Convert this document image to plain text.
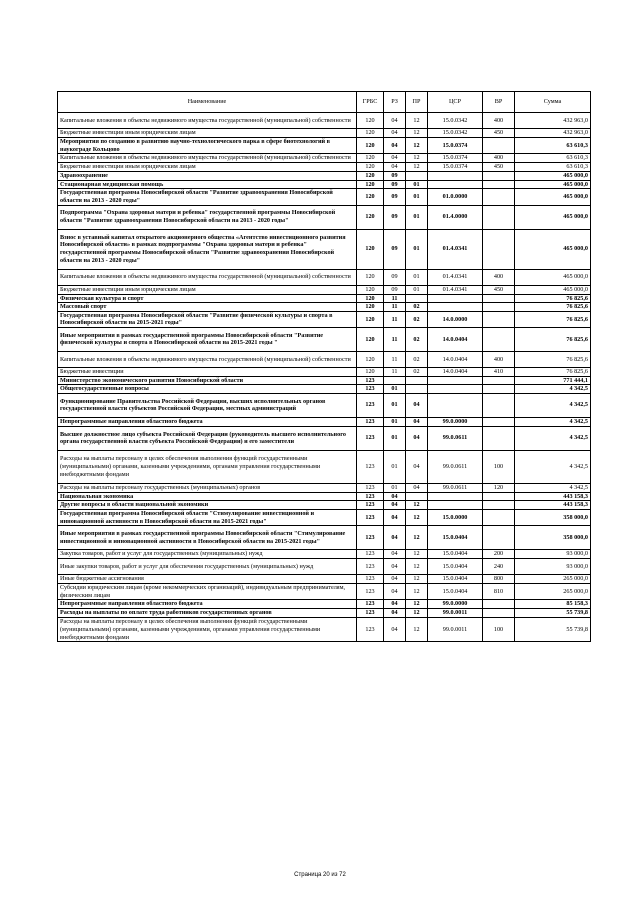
Наименование	ГРБС	РЗ	ПР	ЦСР	ВР	Сумма
Капитальные вложения в объекты недвижимого имущества государственной (муниципальной) собственности	120	04	12	15.0.0342	400	432 963,0
Бюджетные инвестиции иным юридическим лицам	120	04	12	15.0.0342	450	432 963,0
Мероприятия по созданию в развитию научно-технологического парка в сфере биотехнологий в наукограде Кольцово	120	04	12	15.0.0374		63 610,3
Капитальные вложения в объекты недвижимого имущества государственной (муниципальной) собственности	120	04	12	15.0.0374	400	63 610,3
Бюджетные инвестиции иным юридическим лицам	120	04	12	15.0.0374	450	63 610,3
Здравоохранение	120	09				465 000,0
Стационарная медицинская помощь	120	09	01			465 000,0
Государственная программа Новосибирской области "Развитие здравоохранения Новосибирской области на 2013 - 2020 годы"	120	09	01	01.0.0000		465 000,0
Подпрограмма "Охрана здоровья матери и ребенка" государственной программы Новосибирской области "Развитие здравоохранения Новосибирской области на 2013 - 2020 годы"	120	09	01	01.4.0000		465 000,0
Взнос в уставный капитал открытого акционерного общества «Агентство инвестиционного развития Новосибирской области» в рамках подпрограммы "Охрана здоровья матери и ребенка" государственной программы Новосибирской области "Развитие здравоохранения Новосибирской области на 2013 - 2020 годы"	120	09	01	01.4.0341		465 000,0
Капитальные вложения в объекты недвижимого имущества государственной (муниципальной) собственности	120	09	01	01.4.0341	400	465 000,0
Бюджетные инвестиции иным юридическим лицам	120	09	01	01.4.0341	450	465 000,0
Физическая культура и спорт	120	11				76 825,6
Массовый спорт	120	11	02			76 825,6
Государственная программа Новосибирской области "Развитие физической культуры и спорта в Новосибирской области на 2015-2021 годы"	120	11	02	14.0.0000		76 825,6
Иные мероприятия в рамках государственной программы Новосибирской области "Развитие физической культуры и спорта в Новосибирской области на 2015-2021 годы "	120	11	02	14.0.0404		76 825,6
Капитальные вложения в объекты недвижимого имущества государственной (муниципальной) собственности	120	11	02	14.0.0404	400	76 825,6
Бюджетные инвестиции	120	11	02	14.0.0404	410	76 825,6
Министерство экономического развития Новосибирской области	123					771 444,1
Общегосударственные вопросы	123	01				4 342,5
Функционирование Правительства Российской Федерации, высших исполнительных органов государственной власти субъектов Российской Федерации, местных администраций	123	01	04			4 342,5
Непрограммные направления областного бюджета	123	01	04	99.0.0000		4 342,5
Высшее должностное лицо субъекта Российской Федерации (руководитель высшего исполнительного органа государственной власти субъекта Российской Федерации) и его заместители	123	01	04	99.0.0611		4 342,5
Расходы на выплаты персоналу в целях обеспечения выполнения функций государственными (муниципальными) органами, казенными учреждениями, органами управления государственными внебюджетными фондами	123	01	04	99.0.0611	100	4 342,5
Расходы на выплаты персоналу государственных (муниципальных) органов	123	01	04	99.0.0611	120	4 342,5
Национальная экономика	123	04				443 158,3
Другие вопросы в области национальной экономики	123	04	12			443 158,3
Государственная программа Новосибирской области "Стимулирование инвестиционной и инновационной активности в Новосибирской области на 2015-2021 годы"	123	04	12	15.0.0000		358 000,0
Иные мероприятия в рамках государственной программы Новосибирской области "Стимулирование инвестиционной и инновационной активности в Новосибирской области на 2015-2021 годы"	123	04	12	15.0.0404		358 000,0
Закупка товаров, работ и услуг для государственных (муниципальных) нужд	123	04	12	15.0.0404	200	93 000,0
Иные закупки товаров, работ и услуг для обеспечения государственных (муниципальных) нужд	123	04	12	15.0.0404	240	93 000,0
Иные бюджетные ассигнования	123	04	12	15.0.0404	800	265 000,0
Субсидии юридическим лицам (кроме некоммерческих организаций), индивидуальным предпринимателям, физическим лицам	123	04	12	15.0.0404	810	265 000,0
Непрограммные направления областного бюджета	123	04	12	99.0.0000		85 158,3
Расходы на выплаты по оплате труда работников государственных органов	123	04	12	99.0.0011		55 739,8
Расходы на выплаты персоналу в целях обеспечения выполнения функций государственными (муниципальными) органами, казенными учреждениями, органами управления государственными внебюджетными фондами	123	04	12	99.0.0011	100	55 739,8
Страница 20 из 72
